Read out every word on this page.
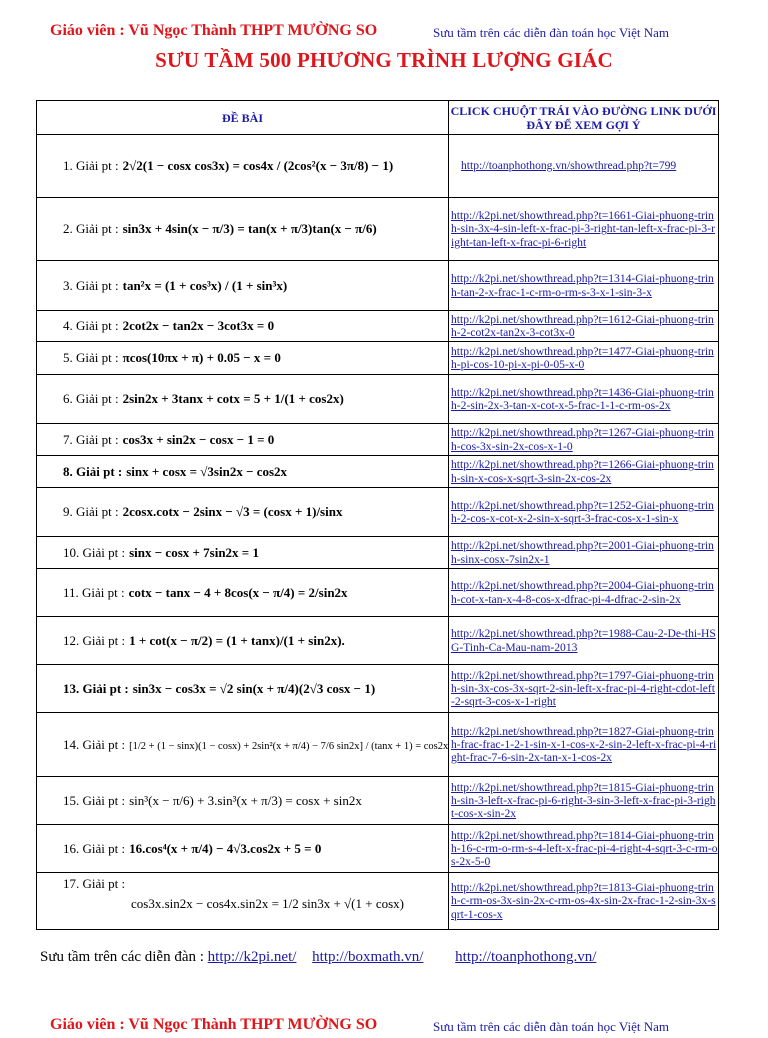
Giáo viên : Vũ Ngọc Thành THPT MƯỜNG SO	Sưu tầm trên các diễn đàn toán học Việt Nam
SƯU TẦM 500 PHƯƠNG TRÌNH LƯỢNG GIÁC
ĐỀ BÀI	CLICK CHUỘT TRÁI VÀO ĐƯỜNG LINK DƯỚI ĐÂY ĐỂ XEM GỢI Ý
1. Giải pt : 2√2(1 − cosx cos3x) = cos4x / (2cos²(x − 3π/8) − 1)	http://toanphothong.vn/showthread.php?t=799
2. Giải pt : sin3x + 4sin(x − π/3) = tan(x + π/3)tan(x − π/6)	http://k2pi.net/showthread.php?t=1661-Giai-phuong-trinh-sin-3x-4-sin-left-x-frac-pi-3-right-tan-left-x-frac-pi-3-right-tan-left-x-frac-pi-6-right
3. Giải pt : tan²x = (1 + cos³x) / (1 + sin³x)	http://k2pi.net/showthread.php?t=1314-Giai-phuong-trinh-tan-2-x-frac-1-c-rm-o-rm-s-3-x-1-sin-3-x
4. Giải pt : 2cot2x − tan2x − 3cot3x = 0	http://k2pi.net/showthread.php?t=1612-Giai-phuong-trinh-2-cot2x-tan2x-3-cot3x-0
5. Giải pt : πcos(10πx + π) + 0.05 − x = 0	http://k2pi.net/showthread.php?t=1477-Giai-phuong-trinh-pi-cos-10-pi-x-pi-0-05-x-0
6. Giải pt : 2sin2x + 3tanx + cotx = 5 + 1/(1 + cos2x)	http://k2pi.net/showthread.php?t=1436-Giai-phuong-trinh-2-sin-2x-3-tan-x-cot-x-5-frac-1-1-c-rm-os-2x
7. Giải pt : cos3x + sin2x − cosx − 1 = 0	http://k2pi.net/showthread.php?t=1267-Giai-phuong-trinh-cos-3x-sin-2x-cos-x-1-0
8. Giải pt : sinx + cosx = √3sin2x − cos2x	http://k2pi.net/showthread.php?t=1266-Giai-phuong-trinh-sin-x-cos-x-sqrt-3-sin-2x-cos-2x
9. Giải pt : 2cosx.cotx − 2sinx − √3 = (cosx + 1)/sinx	http://k2pi.net/showthread.php?t=1252-Giai-phuong-trinh-2-cos-x-cot-x-2-sin-x-sqrt-3-frac-cos-x-1-sin-x
10. Giải pt : sinx − cosx + 7sin2x = 1	http://k2pi.net/showthread.php?t=2001-Giai-phuong-trinh-sinx-cosx-7sin2x-1
11. Giải pt : cotx − tanx − 4 + 8cos(x − π/4) = 2/sin2x	http://k2pi.net/showthread.php?t=2004-Giai-phuong-trinh-cot-x-tan-x-4-8-cos-x-dfrac-pi-4-dfrac-2-sin-2x
12. Giải pt : 1 + cot(x − π/2) = (1 + tanx)/(1 + sin2x).	http://k2pi.net/showthread.php?t=1988-Cau-2-De-thi-HSG-Tinh-Ca-Mau-nam-2013
13. Giải pt : sin3x − cos3x = √2 sin(x + π/4)(2√3 cosx − 1)	http://k2pi.net/showthread.php?t=1797-Giai-phuong-trinh-sin-3x-cos-3x-sqrt-2-sin-left-x-frac-pi-4-right-cdot-left-2-sqrt-3-cos-x-1-right
14. Giải pt : [1/2 + (1 − sinx)(1 − cosx) + 2sin²(x + π/4) − 7/6 sin2x] / (tanx + 1) = cos2x	http://k2pi.net/showthread.php?t=1827-Giai-phuong-trinh-frac-frac-1-2-1-sin-x-1-cos-x-2-sin-2-left-x-frac-pi-4-right-frac-7-6-sin-2x-tan-x-1-cos-2x
15. Giải pt : sin³(x − π/6) + 3.sin³(x + π/3) = cosx + sin2x	http://k2pi.net/showthread.php?t=1815-Giai-phuong-trinh-sin-3-left-x-frac-pi-6-right-3-sin-3-left-x-frac-pi-3-right-cos-x-sin-2x
16. Giải pt : 16.cos⁴(x + π/4) − 4√3.cos2x + 5 = 0	http://k2pi.net/showthread.php?t=1814-Giai-phuong-trinh-16-c-rm-o-rm-s-4-left-x-frac-pi-4-right-4-sqrt-3-c-rm-os-2x-5-0

17. Giải pt :
cos3x.sin2x − cos4x.sin2x = 1/2 sin3x + √(1 + cosx)	http://k2pi.net/showthread.php?t=1813-Giai-phuong-trinh-c-rm-os-3x-sin-2x-c-rm-os-4x-sin-2x-frac-1-2-sin-3x-sqrt-1-cos-x
Sưu tầm trên các diễn đàn : http://k2pi.net/ http://boxmath.vn/ http://toanphothong.vn/
Giáo viên : Vũ Ngọc Thành THPT MƯỜNG SO	Sưu tầm trên các diễn đàn toán học Việt Nam
